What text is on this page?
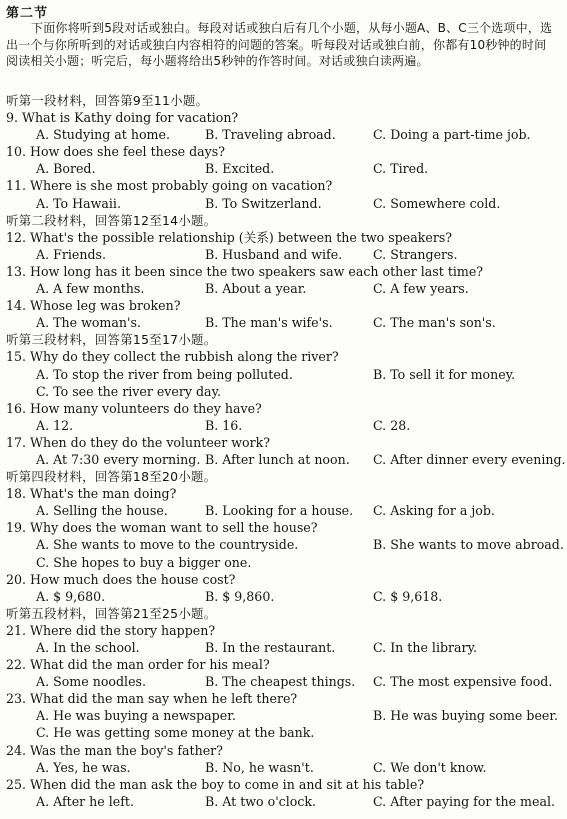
第二节
下面你将听到5段对话或独白。每段对话或独白后有几个小题，从每小题A、B、C三个选项中，选出一个与你所听到的对话或独白内容相符的问题的答案。听每段对话或独白前，你都有10秒钟的时间阅读相关小题；听完后，每小题将给出5秒钟的作答时间。对话或独白读两遍。
听第一段材料，回答第9至11小题。
9. What is Kathy doing for vacation?
A. Studying at home.	B. Traveling abroad.	C. Doing a part-time job.
10. How does she feel these days?
A. Bored.	B. Excited.	C. Tired.
11. Where is she most probably going on vacation?
A. To Hawaii.	B. To Switzerland.	C. Somewhere cold.
听第二段材料，回答第12至14小题。
12. What's the possible relationship (关系) between the two speakers?
A. Friends.	B. Husband and wife. C. Strangers.
13. How long has it been since the two speakers saw each other last time?
A. A few months.	B. About a year.	C. A few years.
14. Whose leg was broken?
A. The woman's.	B. The man's wife's.	C. The man's son's.
听第三段材料，回答第15至17小题。
15. Why do they collect the rubbish along the river?
A. To stop the river from being polluted.	B. To sell it for money.
C. To see the river every day.
16. How many volunteers do they have?
A. 12.	B. 16.	C. 28.
17. When do they do the volunteer work?
A. At 7:30 every morning. B. After lunch at noon. C. After dinner every evening.
听第四段材料，回答第18至20小题。
18. What's the man doing?
A. Selling the house.	B. Looking for a house. C. Asking for a job.
19. Why does the woman want to sell the house?
A. She wants to move to the countryside.	B. She wants to move abroad.
C. She hopes to buy a bigger one.
20. How much does the house cost?
A. $ 9,680.	B. $ 9,860.	C. $ 9,618.
听第五段材料，回答第21至25小题。
21. Where did the story happen?
A. In the school.	B. In the restaurant.	C. In the library.
22. What did the man order for his meal?
A. Some noodles.	B. The cheapest things. C. The most expensive food.
23. What did the man say when he left there?
A. He was buying a newspaper.	B. He was buying some beer.
C. He was getting some money at the bank.
24. Was the man the boy's father?
A. Yes, he was.	B. No, he wasn't.	C. We don't know.
25. When did the man ask the boy to come in and sit at his table?
A. After he left.	B. At two o'clock.	C. After paying for the meal.
